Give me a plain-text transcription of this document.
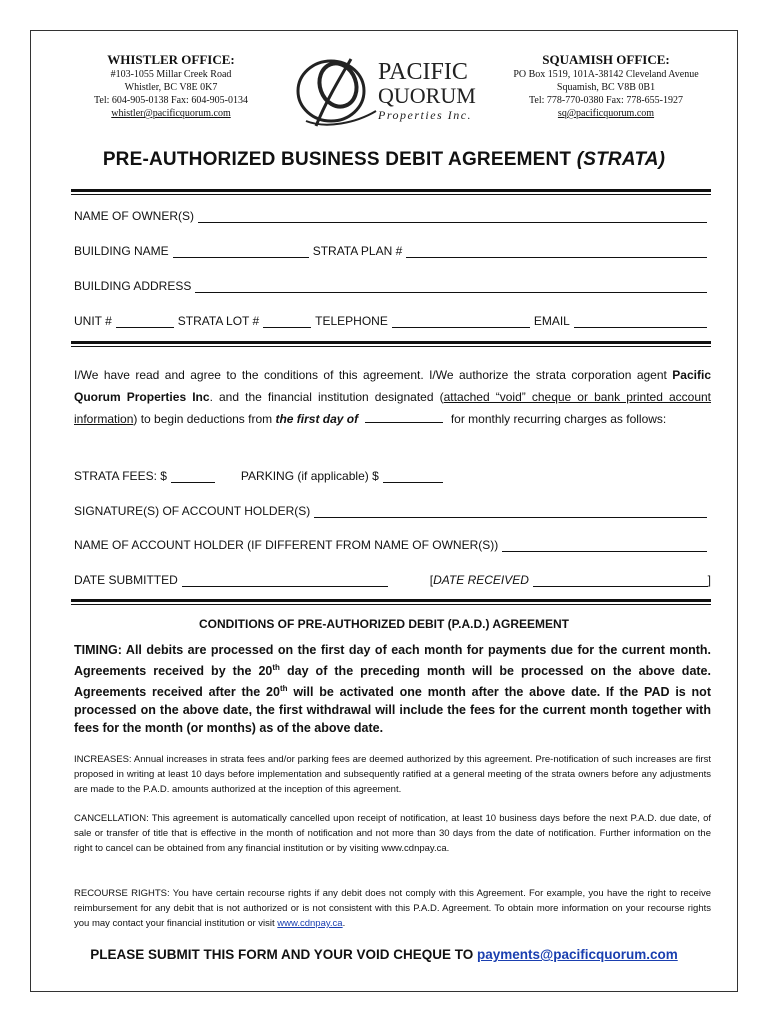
WHISTLER OFFICE:
#103-1055 Millar Creek Road
Whistler, BC V8E 0K7
Tel: 604-905-0138 Fax: 604-905-0134
whistler@pacificquorum.com
PACIFIC
QUORUM
Properties Inc.
SQUAMISH OFFICE:
PO Box 1519, 101A-38142 Cleveland Avenue
Squamish, BC V8B 0B1
Tel: 778-770-0380 Fax: 778-655-1927
sq@pacificquorum.com
PRE-AUTHORIZED BUSINESS DEBIT AGREEMENT (STRATA)
NAME OF OWNER(S)
BUILDING NAME	STRATA PLAN #
BUILDING ADDRESS
UNIT #	STRATA LOT #	TELEPHONE	EMAIL
I/We have read and agree to the conditions of this agreement. I/We authorize the strata corporation agent Pacific Quorum Properties Inc. and the financial institution designated (attached “void” cheque or bank printed account information) to begin deductions from the first day of	for monthly recurring charges as follows:
STRATA FEES: $	PARKING (if applicable) $
SIGNATURE(S) OF ACCOUNT HOLDER(S)
NAME OF ACCOUNT HOLDER (IF DIFFERENT FROM NAME OF OWNER(S))
DATE SUBMITTED	[DATE RECEIVED	]
CONDITIONS OF PRE-AUTHORIZED DEBIT (P.A.D.) AGREEMENT
TIMING: All debits are processed on the first day of each month for payments due for the current month. Agreements received by the 20th day of the preceding month will be processed on the above date. Agreements received after the 20th will be activated one month after the above date. If the PAD is not processed on the above date, the first withdrawal will include the fees for the current month together with fees for the month (or months) as of the above date.
INCREASES: Annual increases in strata fees and/or parking fees are deemed authorized by this agreement. Pre-notification of such increases are first proposed in writing at least 10 days before implementation and subsequently ratified at a general meeting of the strata owners before any adjustments are made to the P.A.D. amounts authorized at the inception of this agreement.
CANCELLATION: This agreement is automatically cancelled upon receipt of notification, at least 10 business days before the next P.A.D. due date, of sale or transfer of title that is effective in the month of notification and not more than 30 days from the date of notification. Further information on the right to cancel can be obtained from any financial institution or by visiting www.cdnpay.ca.
RECOURSE RIGHTS: You have certain recourse rights if any debit does not comply with this Agreement. For example, you have the right to receive reimbursement for any debit that is not authorized or is not consistent with this P.A.D. Agreement. To obtain more information on your recourse rights you may contact your financial institution or visit www.cdnpay.ca.
PLEASE SUBMIT THIS FORM AND YOUR VOID CHEQUE TO payments@pacificquorum.com
